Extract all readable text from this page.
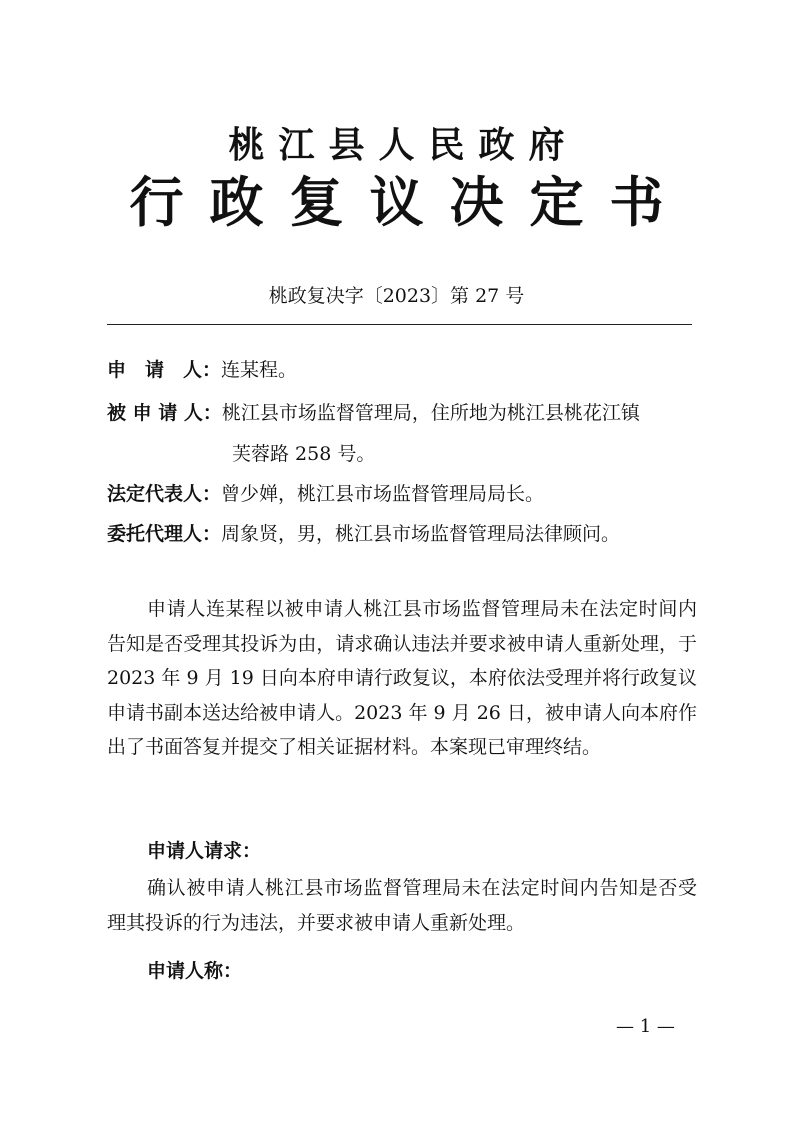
桃江县人民政府
行政复议决定书
桃政复决字〔2023〕第 27 号
申　请　人：连某程。
被 申 请 人：桃江县市场监督管理局，住所地为桃江县桃花江镇
芙蓉路 258 号。
法定代表人：曾少婵，桃江县市场监督管理局局长。
委托代理人：周象贤，男，桃江县市场监督管理局法律顾问。
申请人连某程以被申请人桃江县市场监督管理局未在法定时间内告知是否受理其投诉为由，请求确认违法并要求被申请人重新处理，于 2023 年 9 月 19 日向本府申请行政复议，本府依法受理并将行政复议申请书副本送达给被申请人。2023 年 9 月 26 日，被申请人向本府作出了书面答复并提交了相关证据材料。本案现已审理终结。
申请人请求：
确认被申请人桃江县市场监督管理局未在法定时间内告知是否受理其投诉的行为违法，并要求被申请人重新处理。
申请人称：
— 1 —
